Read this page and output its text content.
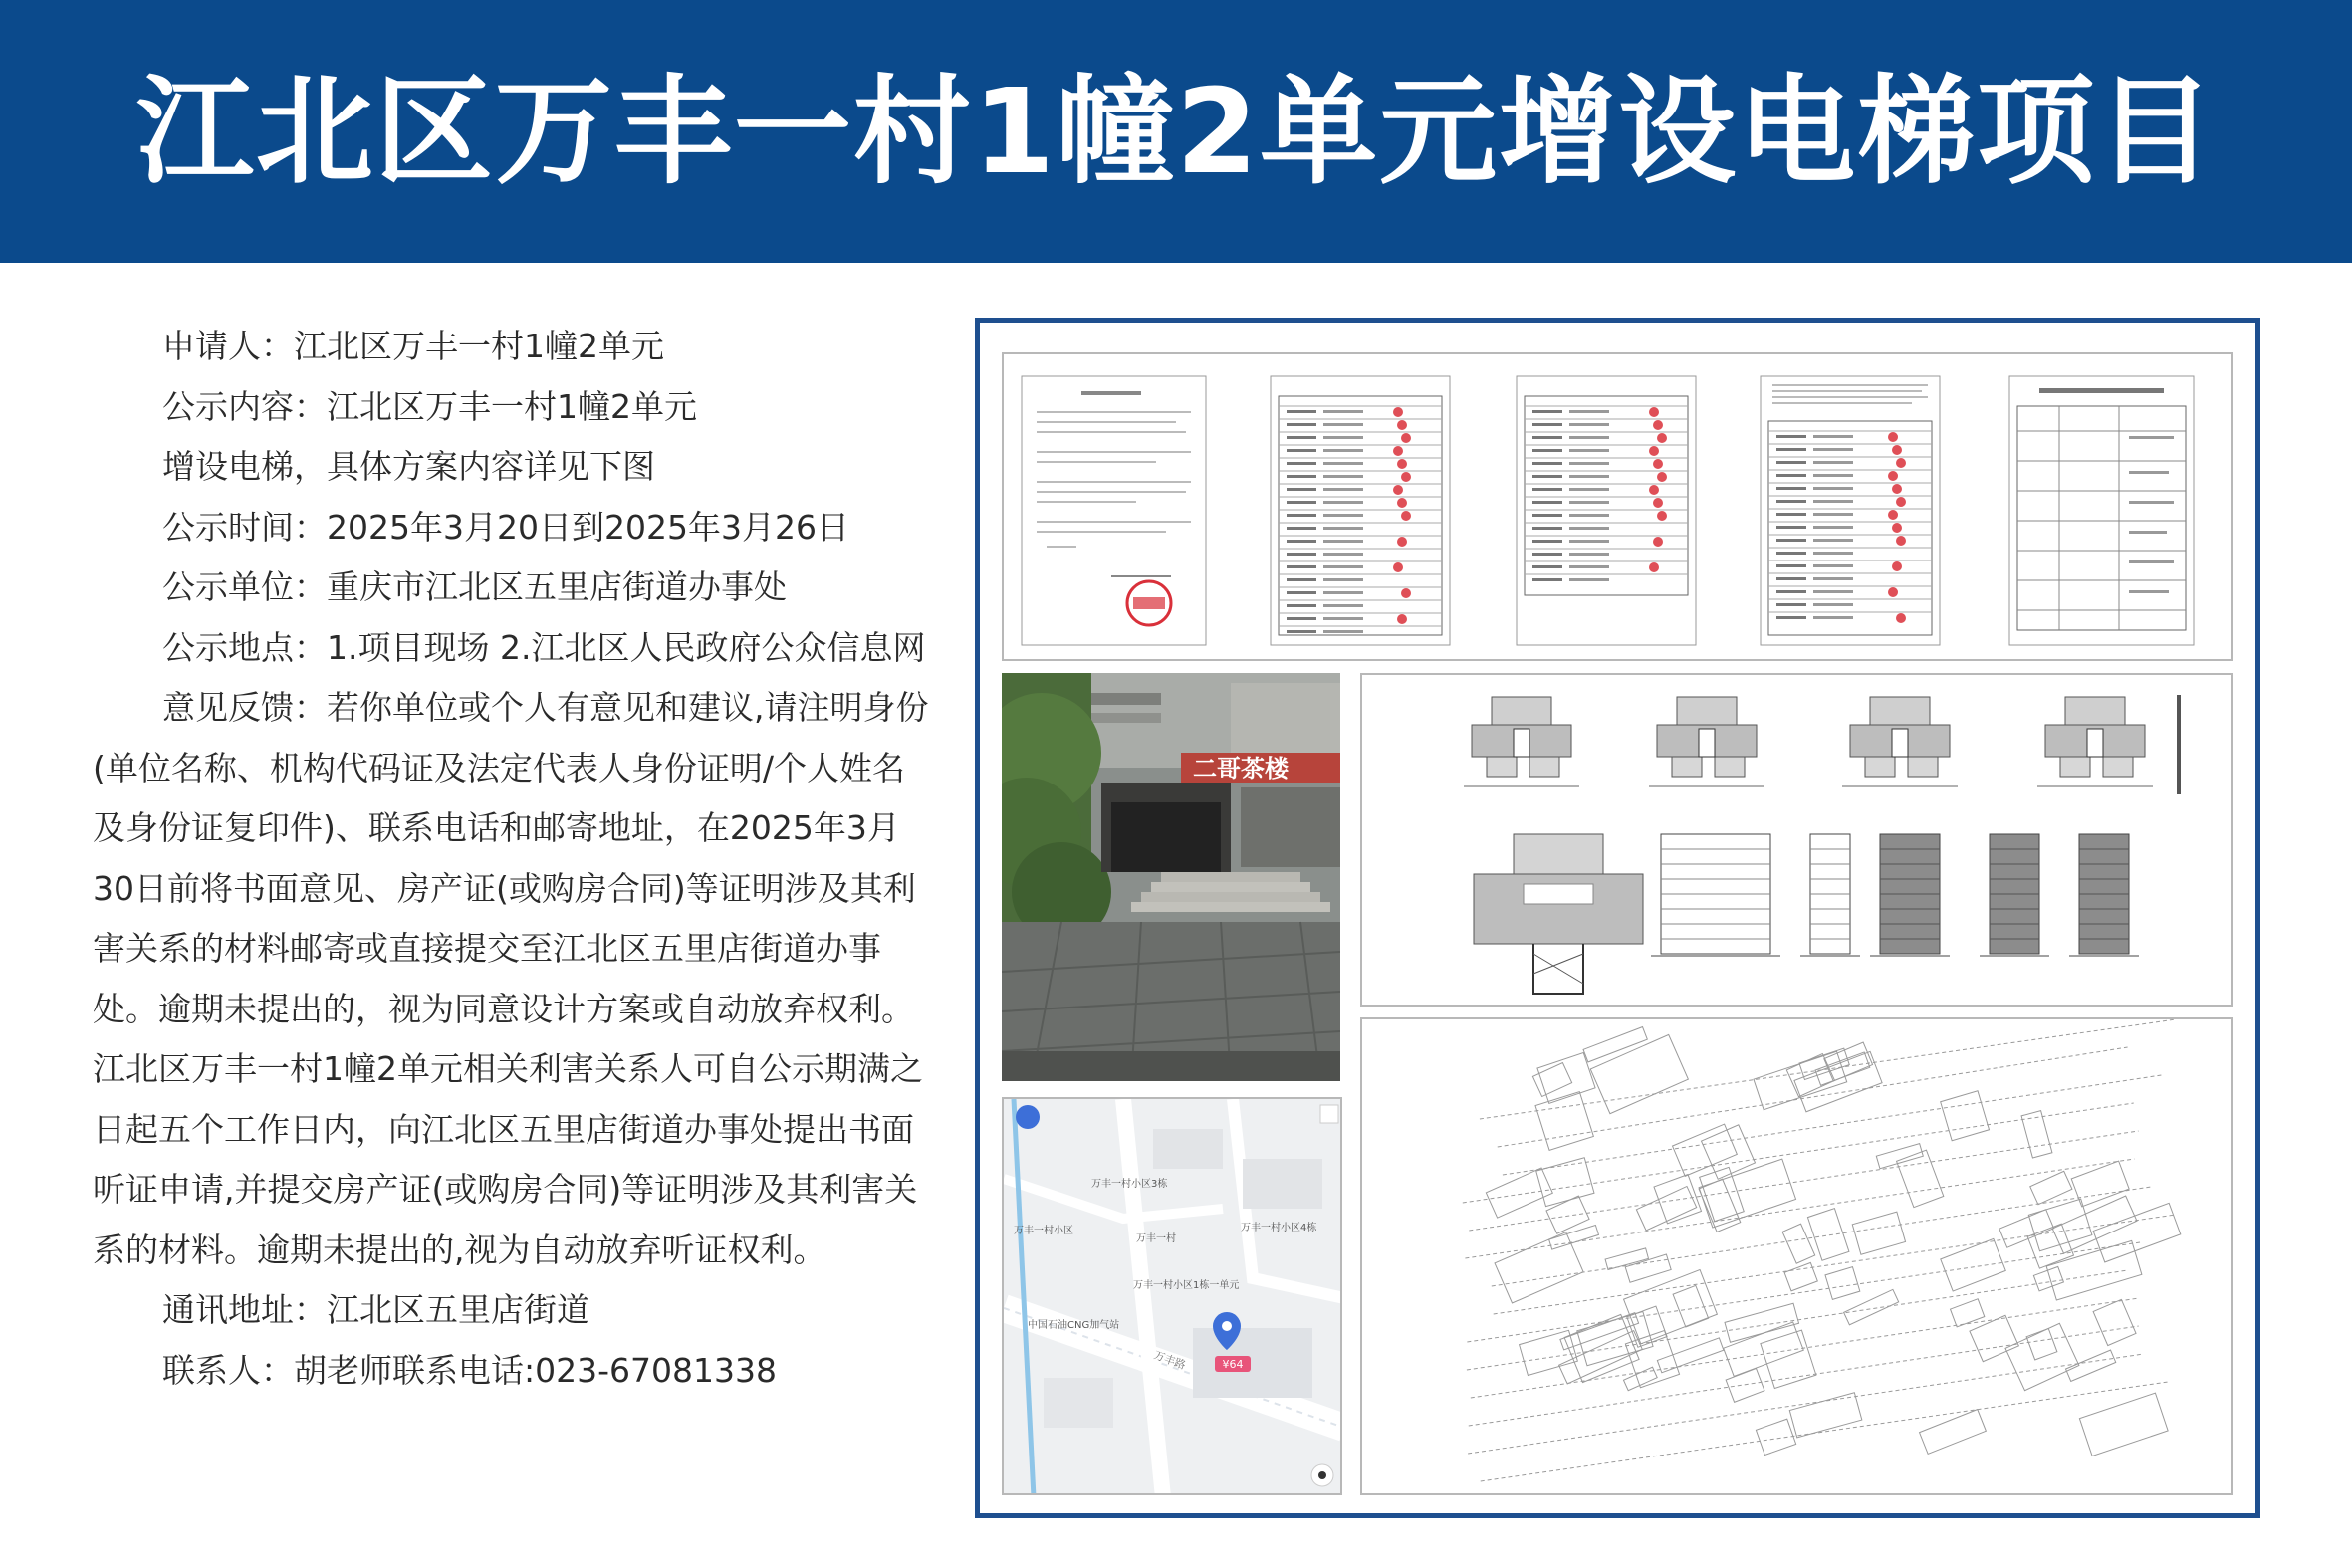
江北区万丰一村1幢2单元增设电梯项目
申请人：江北区万丰一村1幢2单元
公示内容：江北区万丰一村1幢2单元
增设电梯，具体方案内容详见下图
公示时间：2025年3月20日到2025年3月26日
公示单位：重庆市江北区五里店街道办事处
公示地点：1.项目现场 2.江北区人民政府公众信息网
意见反馈：若你单位或个人有意见和建议,请注明身份(单位名称、机构代码证及法定代表人身份证明/个人姓名及身份证复印件)、联系电话和邮寄地址，在2025年3月30日前将书面意见、房产证(或购房合同)等证明涉及其利害关系的材料邮寄或直接提交至江北区五里店街道办事处。逾期未提出的，视为同意设计方案或自动放弃权利。江北区万丰一村1幢2单元相关利害关系人可自公示期满之日起五个工作日内，向江北区五里店街道办事处提出书面听证申请,并提交房产证(或购房合同)等证明涉及其利害关系的材料。逾期未提出的,视为自动放弃听证权利。
通讯地址：江北区五里店街道
联系人：胡老师联系电话:023-67081338
二哥茶楼
万丰一村小区3栋
万丰一村小区4栋
万丰一村
万丰一村小区1栋一单元
万丰一村小区
¥64
中国石油CNG加气站
万丰路
